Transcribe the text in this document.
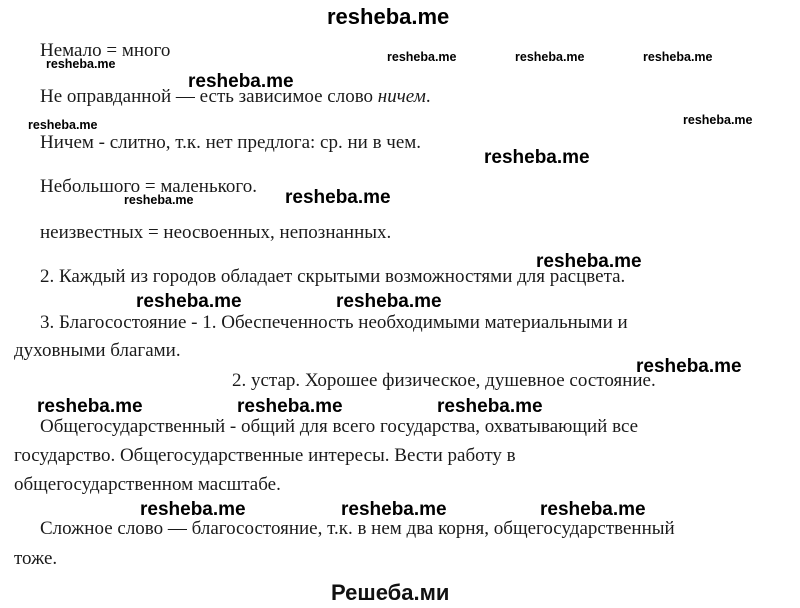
resheba.me
Немало = много
Не оправданной — есть зависимое слово ничем.
Ничем - слитно, т.к. нет предлога: ср. ни в чем.
Небольшого = маленького.
неизвестных = неосвоенных, непознанных.
2. Каждый из городов обладает скрытыми возможностями для расцвета.
3. Благосостояние - 1. Обеспеченность необходимыми материальными и
духовными благами.
2. устар. Хорошее физическое, душевное состояние.
Общегосударственный - общий для всего государства, охватывающий все
государство. Общегосударственные интересы. Вести работу в
общегосударственном масштабе.
Сложное слово — благосостояние, т.к. в нем два корня, общегосударственный
тоже.
resheba.me	resheba.me	resheba.me	resheba.me
resheba.me	resheba.me
resheba.me
resheba.me
resheba.me
resheba.me
resheba.me
resheba.me	resheba.me
resheba.me
resheba.me	resheba.me	resheba.me
resheba.me	resheba.me	resheba.me
Решеба.ми
